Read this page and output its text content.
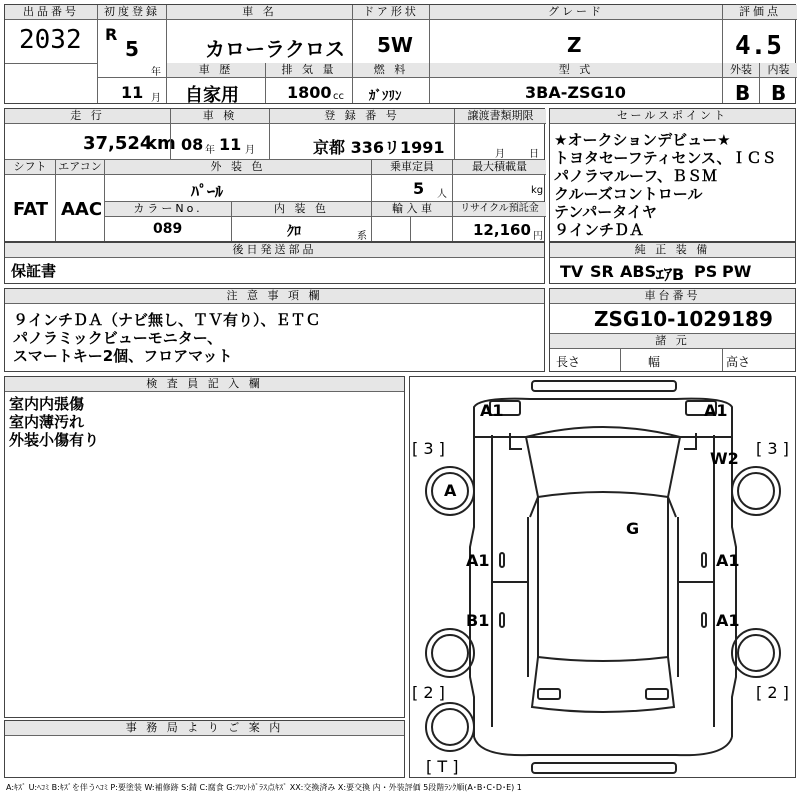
出品番号
2032
初度登録
R
5
年
11 月
車 名
カローラクロス
ドア形状
5W
グレード
Z
評価点
4.5
車 歴
自家用
排 気 量
1800 cc
燃 料
ｶﾞｿﾘﾝ
型 式
3BA-ZSG10
外装	内装
B B
走 行
37,524
km
車 検
08 年 11 月
登 録 番 号
京都 336リ1991
譲渡書類期限
月 日
シフト
FAT
エアコン
AAC
外 装 色
ﾊﾟｰﾙ
乗車定員
5 人
最大積載量
kg
カラーNo.
089
内 装 色
ｸﾛ	系
輸 入 車	リサイクル預託金
12,160 円
後日発送部品
保証書
セールスポイント
★オークションデビュー★
トヨタセーフティセンス、ＩＣＳ
パノラマルーフ、ＢＳＭ
クルーズコントロール
テンパータイヤ
９インチＤＡ
純 正 装 備
TV SR ABS ｴｱB PS PW
注 意 事 項 欄
９インチＤＡ（ナビ無し、ＴＶ有り）、ＥＴＣ
パノラミックビューモニター、
スマートキー2個、フロアマット
車台番号
ZSG10-1029189
諸 元
長さ	幅	高さ
検 査 員 記 入 欄
室内内張傷
室内薄汚れ
外装小傷有り
事 務 局 よ り ご 案 内
A1	A1
W2
A
G
A1	A1
B1	A1
[ 3 ]	[ 3 ]
[ 2 ]	[ 2 ]
[ T ]
A:ｷｽﾞ U:ﾍｺﾐ B:ｷｽﾞを伴うﾍｺﾐ P:要塗装 W:補修跡 S:錆 C:腐食 G:ﾌﾛﾝﾄｶﾞﾗｽ点ｷｽﾞ XX:交換済み X:要交換 内・外装評価 5段階ﾗﾝｸ順(A･B･C･D･E) 1
